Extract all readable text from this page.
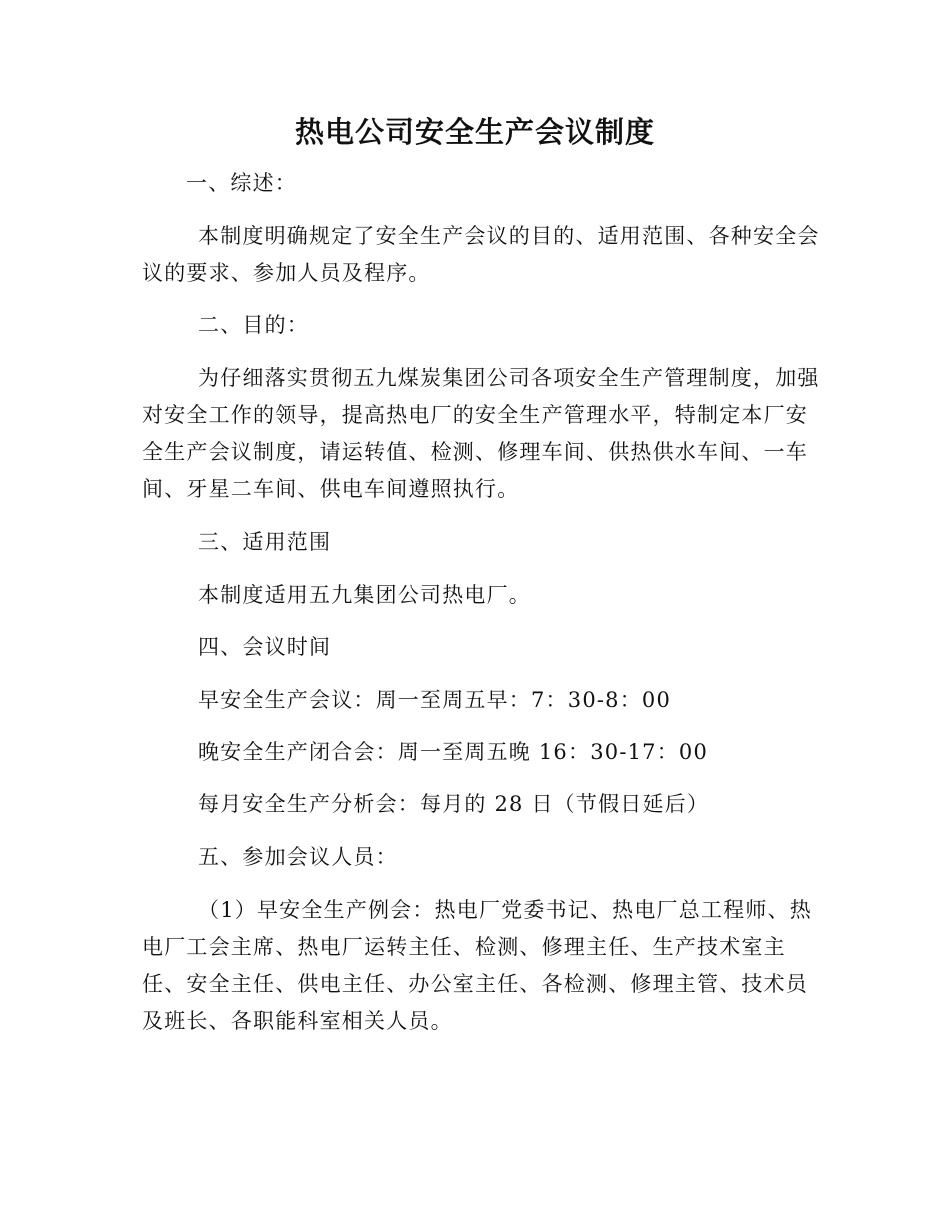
热电公司安全生产会议制度
一、综述：
本制度明确规定了安全生产会议的目的、适用范围、各种安全会
议的要求、参加人员及程序。
二、目的：
为仔细落实贯彻五九煤炭集团公司各项安全生产管理制度，加强
对安全工作的领导，提高热电厂的安全生产管理水平，特制定本厂安
全生产会议制度，请运转值、检测、修理车间、供热供水车间、一车
间、牙星二车间、供电车间遵照执行。
三、适用范围
本制度适用五九集团公司热电厂。
四、会议时间
早安全生产会议：周一至周五早：7：30-8：00
晚安全生产闭合会：周一至周五晚 16：30-17：00
每月安全生产分析会：每月的 28 日（节假日延后）
五、参加会议人员：
（1）早安全生产例会：热电厂党委书记、热电厂总工程师、热
电厂工会主席、热电厂运转主任、检测、修理主任、生产技术室主
任、安全主任、供电主任、办公室主任、各检测、修理主管、技术员
及班长、各职能科室相关人员。
